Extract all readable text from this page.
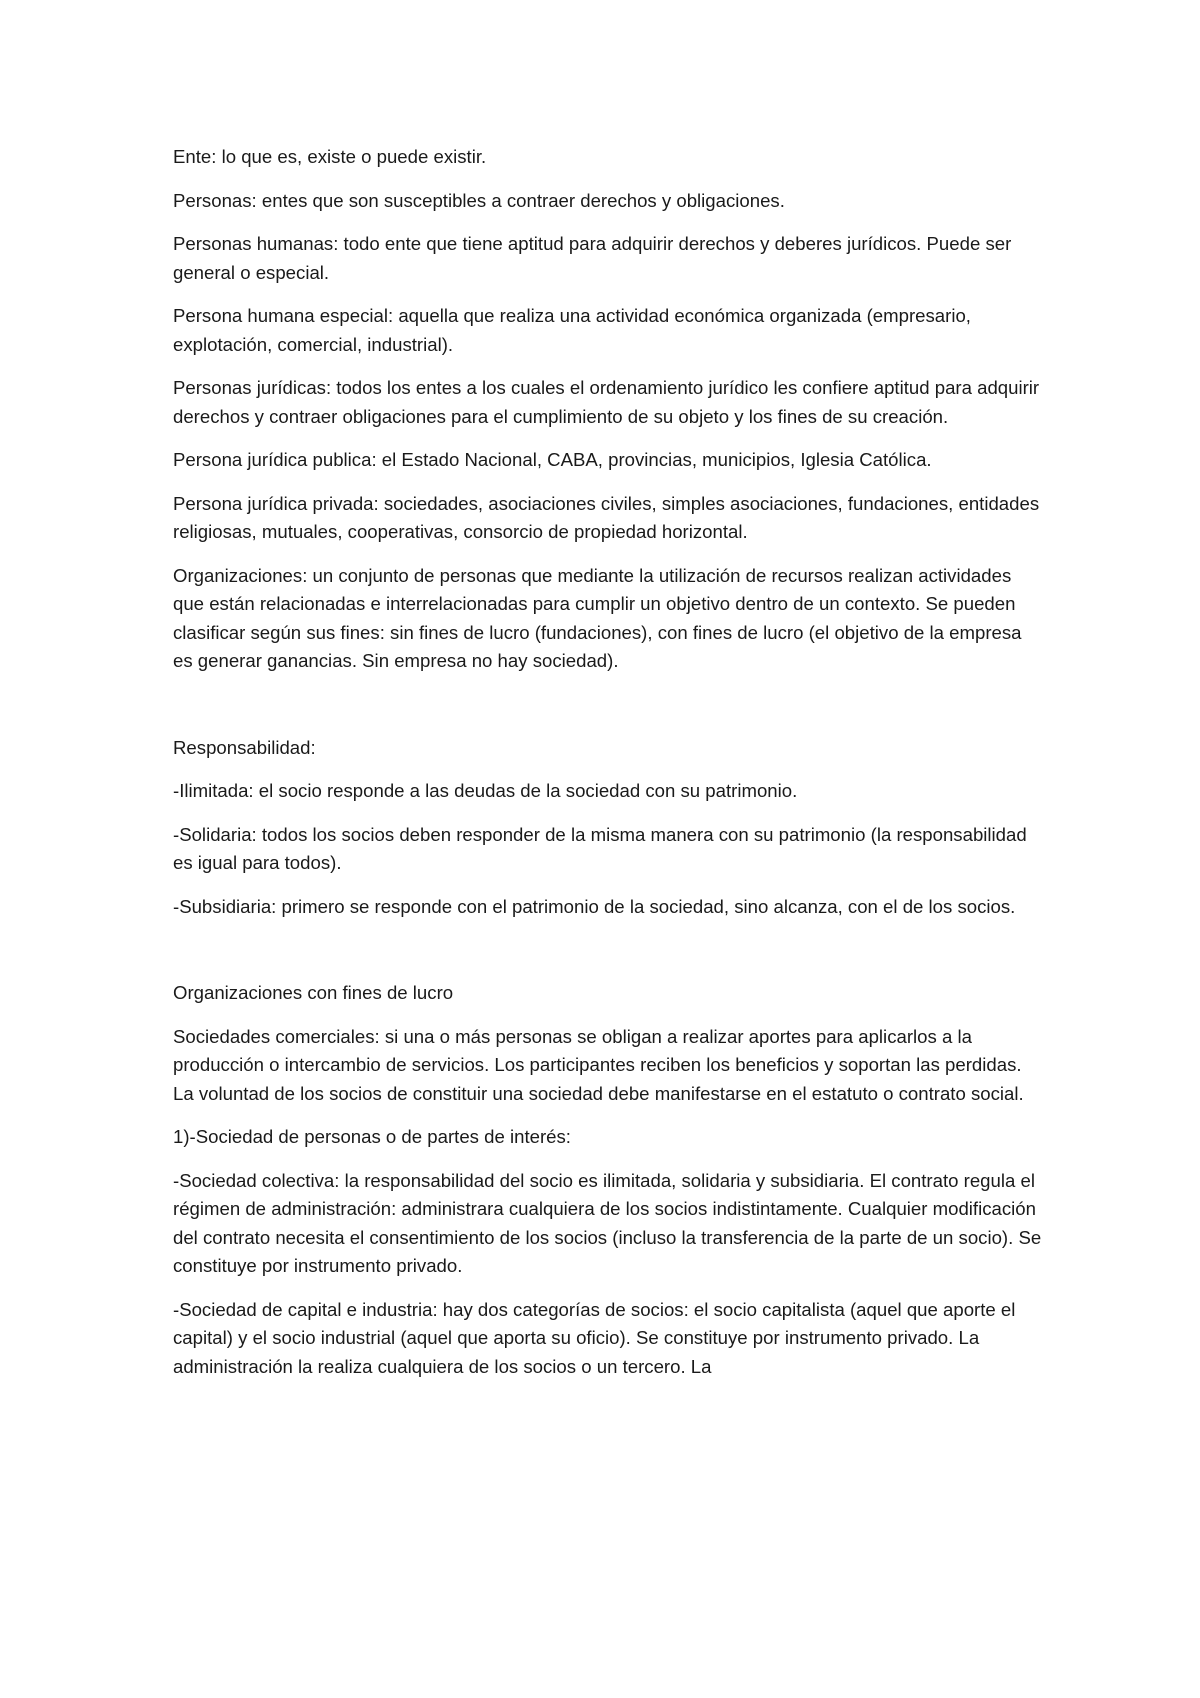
Ente: lo que es, existe o puede existir.

Personas: entes que son susceptibles a contraer derechos y obligaciones.

Personas humanas: todo ente que tiene aptitud para adquirir derechos y deberes jurídicos. Puede ser general o especial.

Persona humana especial: aquella que realiza una actividad económica organizada (empresario, explotación, comercial, industrial).

Personas jurídicas: todos los entes a los cuales el ordenamiento jurídico les confiere aptitud para adquirir derechos y contraer obligaciones para el cumplimiento de su objeto y los fines de su creación.

Persona jurídica publica: el Estado Nacional, CABA, provincias, municipios, Iglesia Católica.

Persona jurídica privada: sociedades, asociaciones civiles, simples asociaciones, fundaciones, entidades religiosas, mutuales, cooperativas, consorcio de propiedad horizontal.

Organizaciones: un conjunto de personas que mediante la utilización de recursos realizan actividades que están relacionadas e interrelacionadas para cumplir un objetivo dentro de un contexto. Se pueden clasificar según sus fines: sin fines de lucro (fundaciones), con fines de lucro (el objetivo de la empresa es generar ganancias. Sin empresa no hay sociedad).

Responsabilidad:

-Ilimitada: el socio responde a las deudas de la sociedad con su patrimonio.

-Solidaria: todos los socios deben responder de la misma manera con su patrimonio (la responsabilidad es igual para todos).

-Subsidiaria: primero se responde con el patrimonio de la sociedad, sino alcanza, con el de los socios.

Organizaciones con fines de lucro

Sociedades comerciales: si una o más personas se obligan a realizar aportes para aplicarlos a la producción o intercambio de servicios. Los participantes reciben los beneficios y soportan las perdidas. La voluntad de los socios de constituir una sociedad debe manifestarse en el estatuto o contrato social.

1)-Sociedad de personas o de partes de interés:

-Sociedad colectiva: la responsabilidad del socio es ilimitada, solidaria y subsidiaria. El contrato regula el régimen de administración: administrara cualquiera de los socios indistintamente. Cualquier modificación del contrato necesita el consentimiento de los socios (incluso la transferencia de la parte de un socio). Se constituye por instrumento privado.

-Sociedad de capital e industria: hay dos categorías de socios: el socio capitalista (aquel que aporte el capital) y el socio industrial (aquel que aporta su oficio). Se constituye por instrumento privado. La administración la realiza cualquiera de los socios o un tercero. La
